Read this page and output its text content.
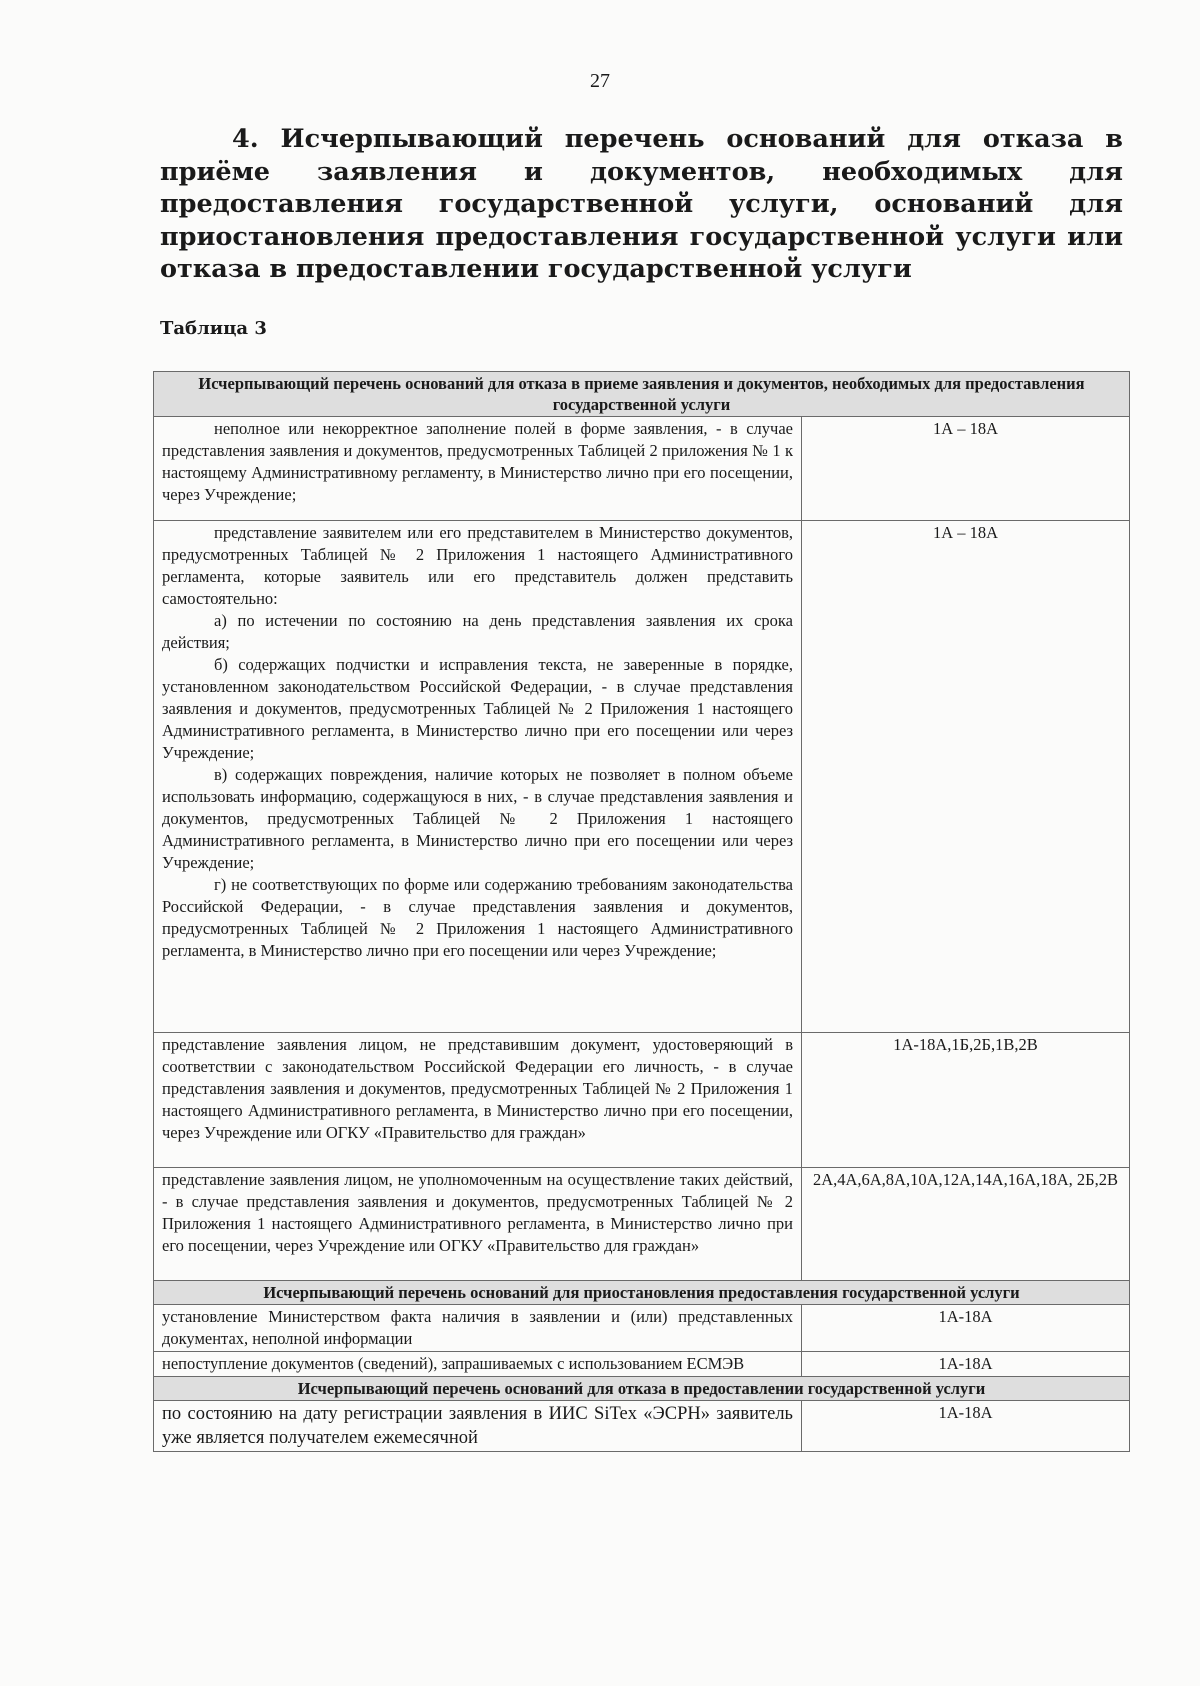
27
4. Исчерпывающий перечень оснований для отказа в приёме заявления и документов, необходимых для предоставления государственной услуги, оснований для приостановления предоставления государственной услуги или отказа в предоставлении государственной услуги
Таблица 3
Исчерпывающий перечень оснований для отказа в приеме заявления и документов, необходимых для предоставления государственной услуги	

неполное или некорректное заполнение полей в форме заявления, - в случае представления заявления и документов, предусмотренных Таблицей 2 приложения № 1 к настоящему Административному регламенту, в Министерство лично при его посещении, через Учреждение;	1А – 18А

представление заявителем или его представителем в Министерство документов, предусмотренных Таблицей № 2 Приложения 1 настоящего Административного регламента, которые заявитель или его представитель должен представить самостоятельно:

а) по истечении по состоянию на день представления заявления их срока действия;

б) содержащих подчистки и исправления текста, не заверенные в порядке, установленном законодательством Российской Федерации, - в случае представления заявления и документов, предусмотренных Таблицей № 2 Приложения 1 настоящего Административного регламента, в Министерство лично при его посещении или через Учреждение;

в) содержащих повреждения, наличие которых не позволяет в полном объеме использовать информацию, содержащуюся в них, - в случае представления заявления и документов, предусмотренных Таблицей № 2 Приложения 1 настоящего Административного регламента, в Министерство лично при его посещении или через Учреждение;

г) не соответствующих по форме или содержанию требованиям законодательства Российской Федерации, - в случае представления заявления и документов, предусмотренных Таблицей № 2 Приложения 1 настоящего Административного регламента, в Министерство лично при его посещении или через Учреждение;	1А – 18А

представление заявления лицом, не представившим документ, удостоверяющий в соответствии с законодательством Российской Федерации его личность, - в случае представления заявления и документов, предусмотренных Таблицей № 2 Приложения 1 настоящего Административного регламента, в Министерство лично при его посещении, через Учреждение или ОГКУ «Правительство для граждан»	1А-18А,1Б,2Б,1В,2В

представление заявления лицом, не уполномоченным на осуществление таких действий, - в случае представления заявления и документов, предусмотренных Таблицей № 2 Приложения 1 настоящего Административного регламента, в Министерство лично при его посещении, через Учреждение или ОГКУ «Правительство для граждан»	2А,4А,6А,8А,10А,12А,14А,16А,18А, 2Б,2В
Исчерпывающий перечень оснований для приостановления предоставления государственной услуги	

установление Министерством факта наличия в заявлении и (или) представленных документах, неполной информации	1А-18А

непоступление документов (сведений), запрашиваемых с использованием ЕСМЭВ	1А-18А
Исчерпывающий перечень оснований для отказа в предоставлении государственной услуги	

по состоянию на дату регистрации заявления в ИИС SiTex «ЭСРН» заявитель уже является получателем ежемесячной	1А-18А
